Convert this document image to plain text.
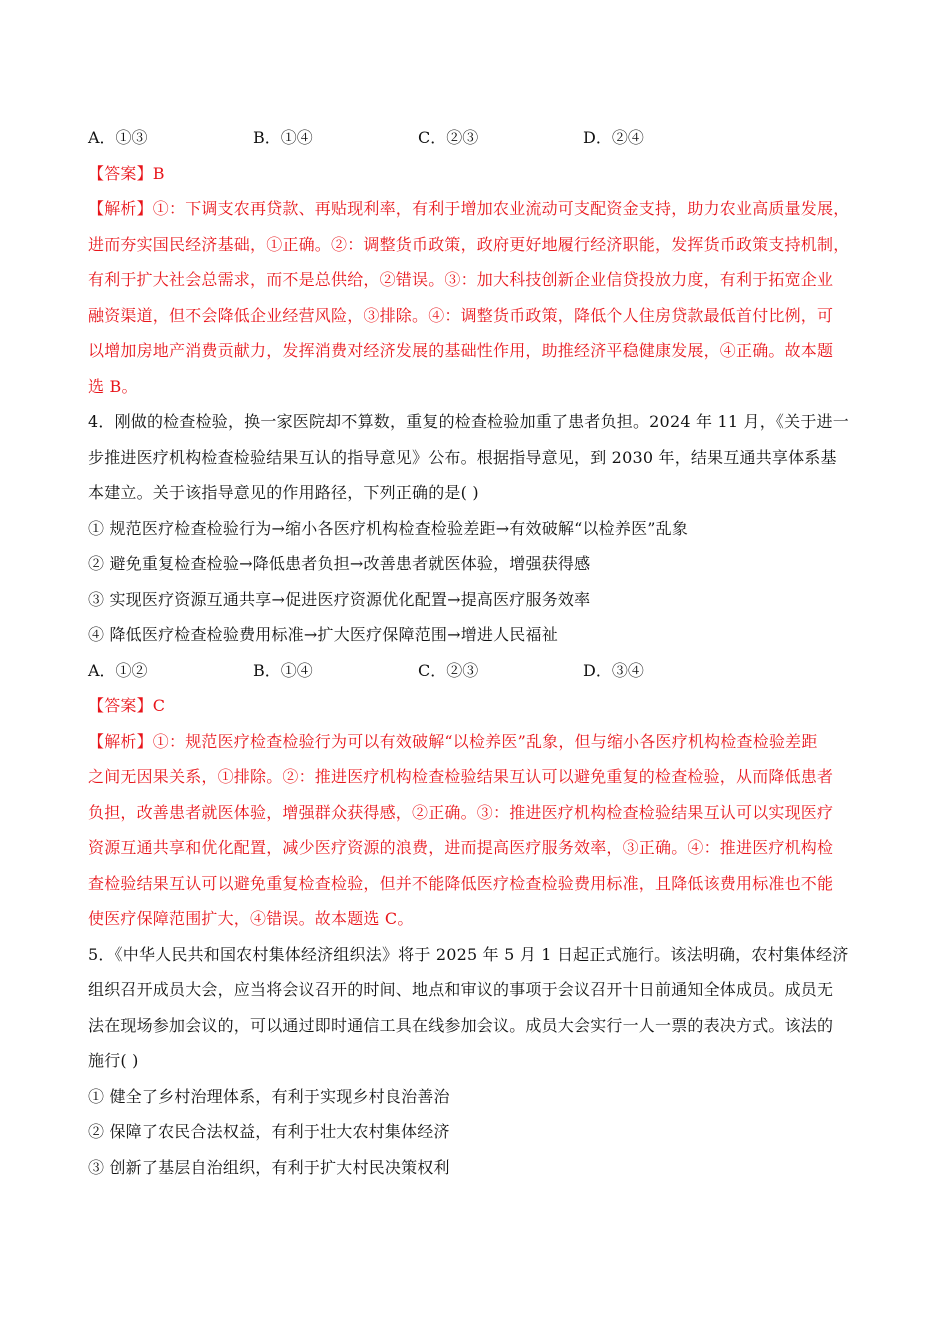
A．①③	B．①④	C．②③	D．②④
【答案】B
【解析】①：下调支农再贷款、再贴现利率，有利于增加农业流动可支配资金支持，助力农业高质量发展，
进而夯实国民经济基础，①正确。②：调整货币政策，政府更好地履行经济职能，发挥货币政策支持机制，
有利于扩大社会总需求，而不是总供给，②错误。③：加大科技创新企业信贷投放力度，有利于拓宽企业
融资渠道，但不会降低企业经营风险，③排除。④：调整货币政策，降低个人住房贷款最低首付比例，可
以增加房地产消费贡献力，发挥消费对经济发展的基础性作用，助推经济平稳健康发展，④正确。故本题
选 B。
4．刚做的检查检验，换一家医院却不算数，重复的检查检验加重了患者负担。2024 年 11 月，《关于进一
步推进医疗机构检查检验结果互认的指导意见》公布。根据指导意见，到 2030 年，结果互通共享体系基
本建立。关于该指导意见的作用路径，下列正确的是( )
① 规范医疗检查检验行为→缩小各医疗机构检查检验差距→有效破解“以检养医”乱象
② 避免重复检查检验→降低患者负担→改善患者就医体验，增强获得感
③ 实现医疗资源互通共享→促进医疗资源优化配置→提高医疗服务效率
④ 降低医疗检查检验费用标准→扩大医疗保障范围→增进人民福祉
A．①②	B．①④	C．②③	D．③④
【答案】C
【解析】①：规范医疗检查检验行为可以有效破解“以检养医”乱象，但与缩小各医疗机构检查检验差距
之间无因果关系，①排除。②：推进医疗机构检查检验结果互认可以避免重复的检查检验，从而降低患者
负担，改善患者就医体验，增强群众获得感，②正确。③：推进医疗机构检查检验结果互认可以实现医疗
资源互通共享和优化配置，减少医疗资源的浪费，进而提高医疗服务效率，③正确。④：推进医疗机构检
查检验结果互认可以避免重复检查检验，但并不能降低医疗检查检验费用标准，且降低该费用标准也不能
使医疗保障范围扩大，④错误。故本题选 C。
5．《中华人民共和国农村集体经济组织法》将于 2025 年 5 月 1 日起正式施行。该法明确，农村集体经济
组织召开成员大会，应当将会议召开的时间、地点和审议的事项于会议召开十日前通知全体成员。成员无
法在现场参加会议的，可以通过即时通信工具在线参加会议。成员大会实行一人一票的表决方式。该法的
施行( )
① 健全了乡村治理体系，有利于实现乡村良治善治
② 保障了农民合法权益，有利于壮大农村集体经济
③ 创新了基层自治组织，有利于扩大村民决策权利
